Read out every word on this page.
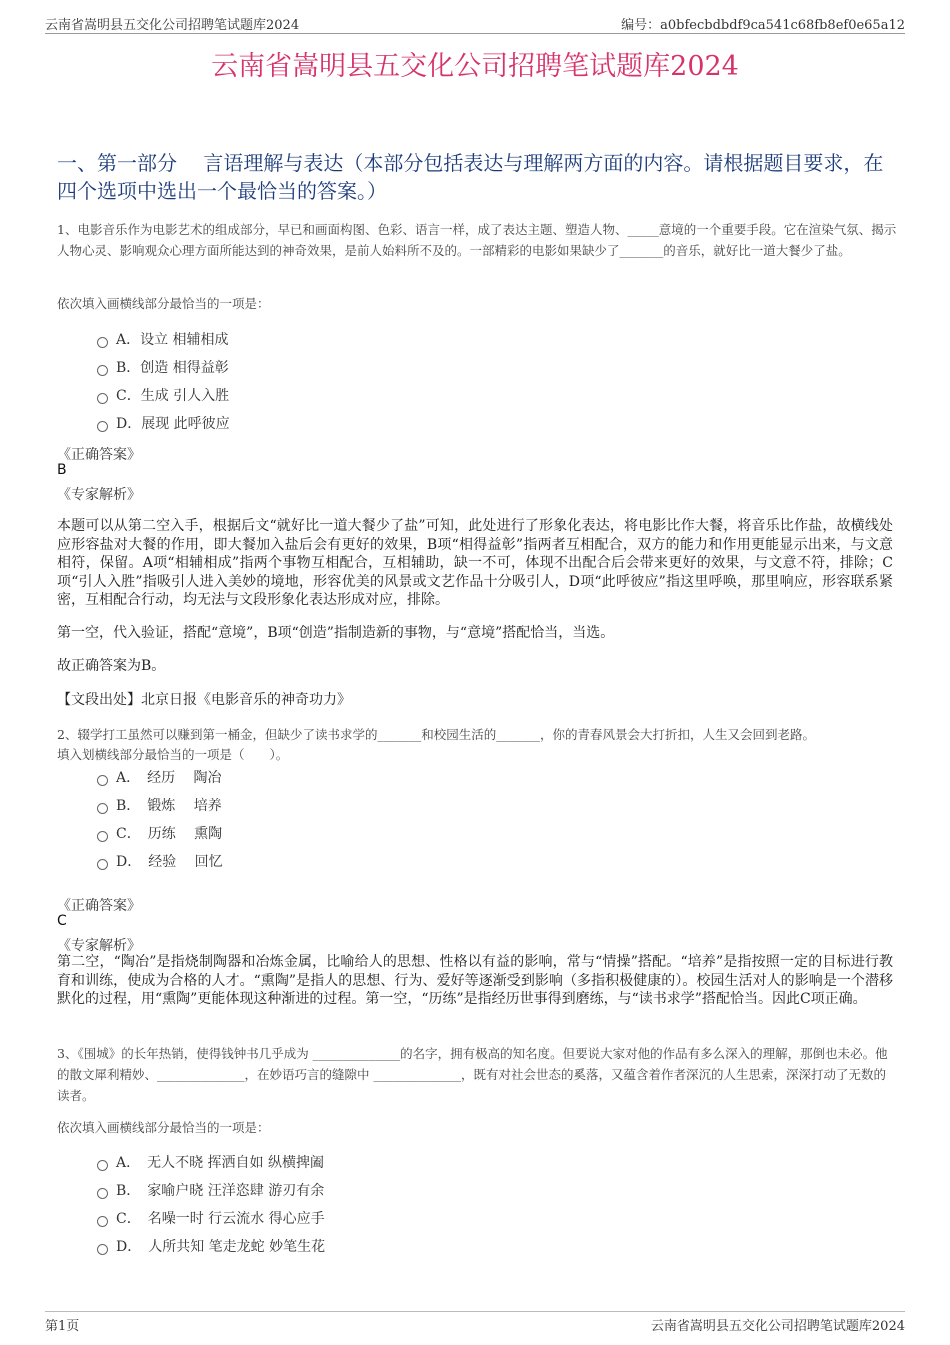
云南省嵩明县五交化公司招聘笔试题库2024	编号：a0bfecbdbdf9ca541c68fb8ef0e65a12
云南省嵩明县五交化公司招聘笔试题库2024
一、第一部分　 言语理解与表达（本部分包括表达与理解两方面的内容。请根据题目要求，在四个选项中选出一个最恰当的答案。）
1、电影音乐作为电影艺术的组成部分，早已和画面构图、色彩、语言一样，成了表达主题、塑造人物、_____意境的一个重要手段。它在渲染气氛、揭示人物心灵、影响观众心理方面所能达到的神奇效果，是前人始料所不及的。一部精彩的电影如果缺少了_______的音乐，就好比一道大餐少了盐。
依次填入画横线部分最恰当的一项是：
A．设立 相辅相成
B．创造 相得益彰
C．生成 引人入胜
D．展现 此呼彼应
《正确答案》
B
《专家解析》
本题可以从第二空入手，根据后文“就好比一道大餐少了盐”可知，此处进行了形象化表达，将电影比作大餐，将音乐比作盐，故横线处应形容盐对大餐的作用，即大餐加入盐后会有更好的效果，B项“相得益彰”指两者互相配合，双方的能力和作用更能显示出来，与文意相符，保留。A项“相辅相成”指两个事物互相配合，互相辅助，缺一不可，体现不出配合后会带来更好的效果，与文意不符，排除；C项“引人入胜”指吸引人进入美妙的境地，形容优美的风景或文艺作品十分吸引人，D项“此呼彼应”指这里呼唤，那里响应，形容联系紧密，互相配合行动，均无法与文段形象化表达形成对应，排除。
第一空，代入验证，搭配“意境”，B项“创造”指制造新的事物，与“意境”搭配恰当，当选。
故正确答案为B。
【文段出处】北京日报《电影音乐的神奇功力》
2、辍学打工虽然可以赚到第一桶金，但缺少了读书求学的_______和校园生活的_______，你的青春风景会大打折扣，人生又会回到老路。
填入划横线部分最恰当的一项是（　　）。
A．　经历　 陶冶
B．　锻炼　 培养
C．　历练　 熏陶
D．　经验　 回忆
《正确答案》
C
《专家解析》
第二空，“陶冶”是指烧制陶器和冶炼金属，比喻给人的思想、性格以有益的影响，常与“情操”搭配。“培养”是指按照一定的目标进行教育和训练，使成为合格的人才。“熏陶”是指人的思想、行为、爱好等逐渐受到影响（多指积极健康的）。校园生活对人的影响是一个潜移默化的过程，用“熏陶”更能体现这种渐进的过程。第一空，“历练”是指经历世事得到磨练，与“读书求学”搭配恰当。因此C项正确。
3、《围城》的长年热销，使得钱钟书几乎成为 ______________的名字，拥有极高的知名度。但要说大家对他的作品有多么深入的理解，那倒也未必。他的散文犀利精妙、______________，在妙语巧言的缝隙中 ______________，既有对社会世态的奚落，又蕴含着作者深沉的人生思索，深深打动了无数的读者。
依次填入画横线部分最恰当的一项是：
A．　无人不晓 挥洒自如 纵横捭阖
B．　家喻户晓 汪洋恣肆 游刃有余
C．　名噪一时 行云流水 得心应手
D．　人所共知 笔走龙蛇 妙笔生花
第1页	云南省嵩明县五交化公司招聘笔试题库2024
